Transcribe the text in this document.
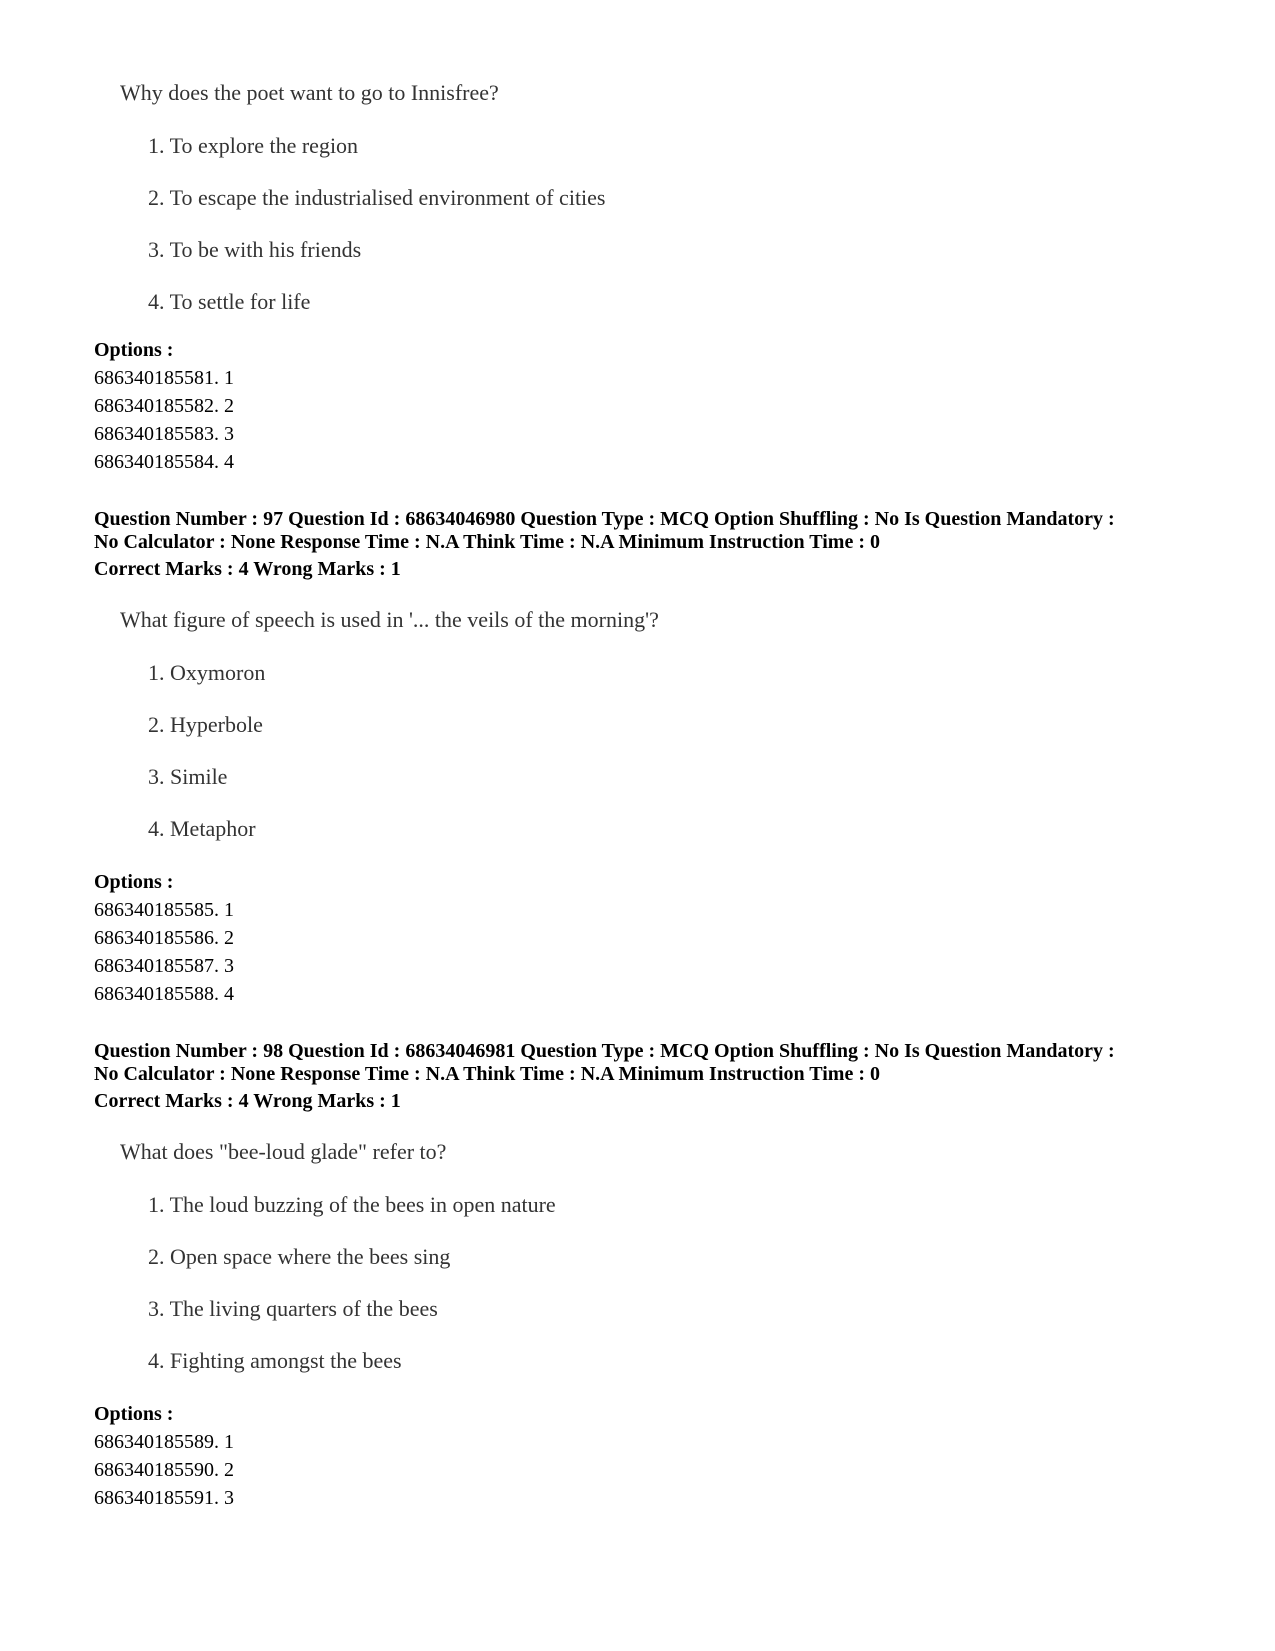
Why does the poet want to go to Innisfree?
1. To explore the region
2. To escape the industrialised environment of cities
3. To be with his friends
4. To settle for life
Options :
686340185581. 1
686340185582. 2
686340185583. 3
686340185584. 4
Question Number : 97 Question Id : 68634046980 Question Type : MCQ Option Shuffling : No Is Question Mandatory :
No Calculator : None Response Time : N.A Think Time : N.A Minimum Instruction Time : 0
Correct Marks : 4 Wrong Marks : 1
What figure of speech is used in '... the veils of the morning'?
1. Oxymoron
2. Hyperbole
3. Simile
4. Metaphor
Options :
686340185585. 1
686340185586. 2
686340185587. 3
686340185588. 4
Question Number : 98 Question Id : 68634046981 Question Type : MCQ Option Shuffling : No Is Question Mandatory :
No Calculator : None Response Time : N.A Think Time : N.A Minimum Instruction Time : 0
Correct Marks : 4 Wrong Marks : 1
What does "bee-loud glade" refer to?
1. The loud buzzing of the bees in open nature
2. Open space where the bees sing
3. The living quarters of the bees
4. Fighting amongst the bees
Options :
686340185589. 1
686340185590. 2
686340185591. 3
